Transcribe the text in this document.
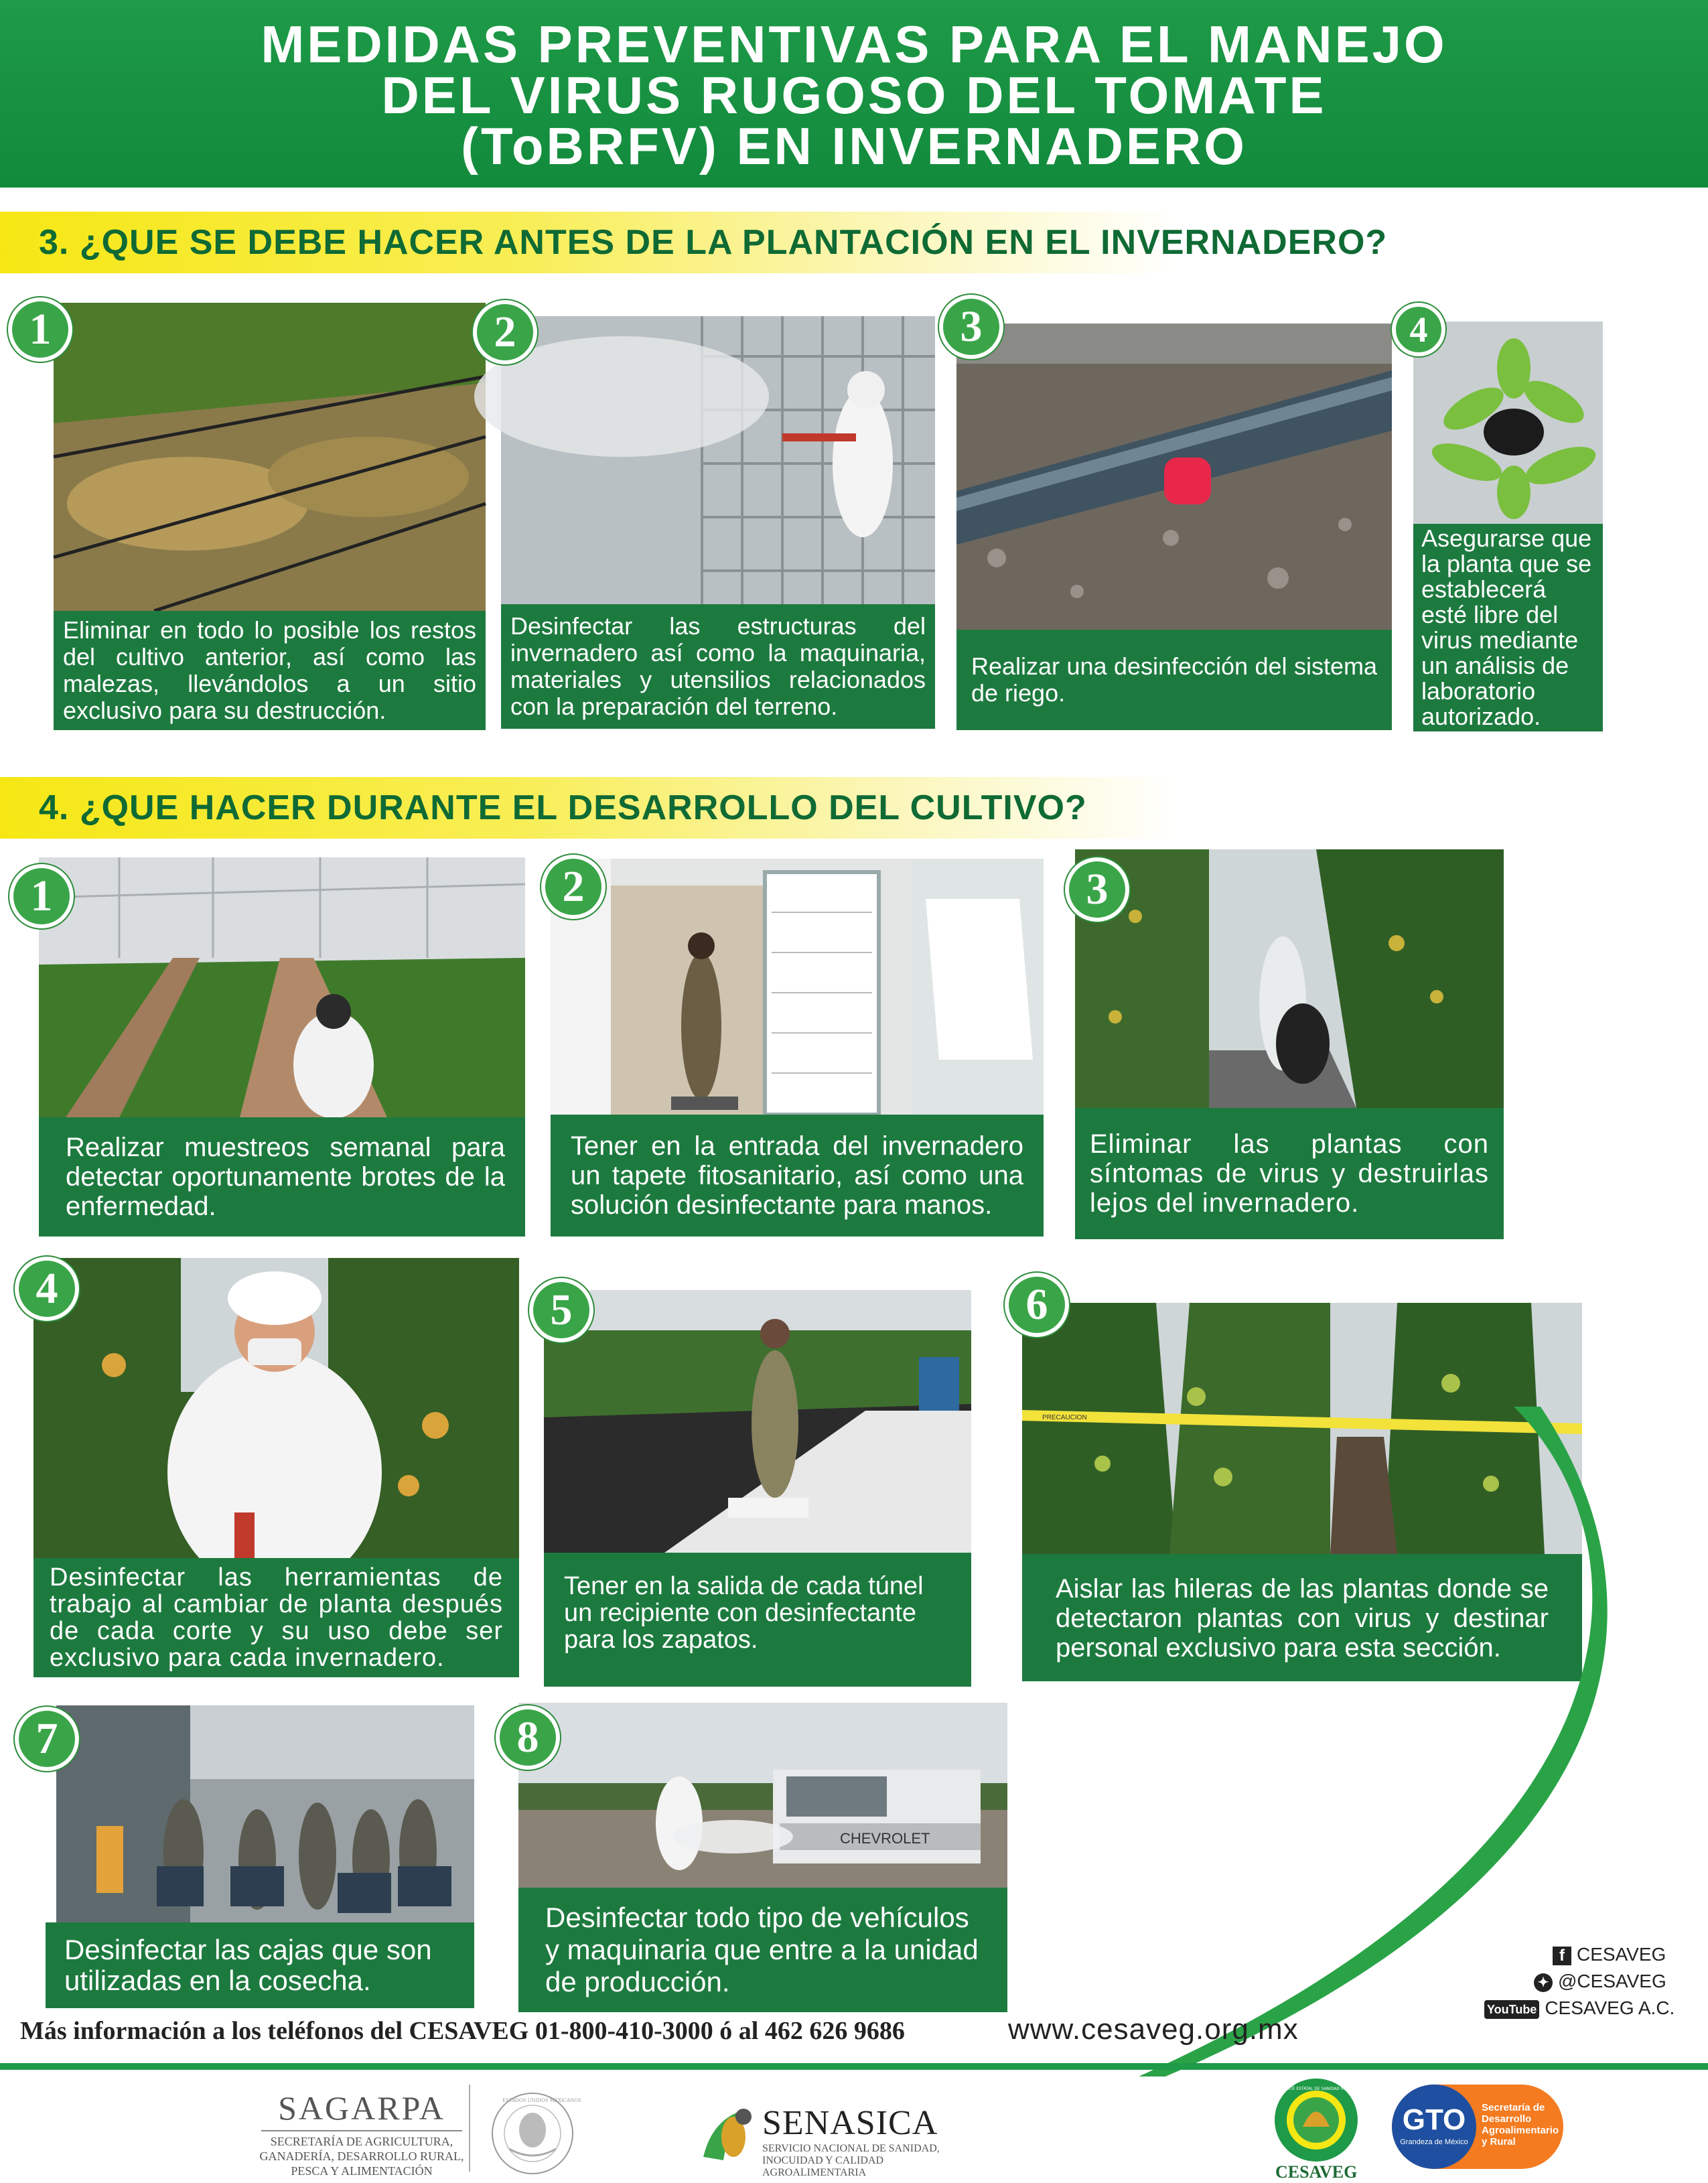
MEDIDAS PREVENTIVAS PARA EL MANEJO
DEL VIRUS RUGOSO DEL TOMATE
(ToBRFV) EN INVERNADERO
3. ¿QUE SE DEBE HACER ANTES DE LA PLANTACIÓN EN EL INVERNADERO?
Eliminar en todo lo posible los restos del cultivo anterior, así como las malezas, llevándolos a un sitio exclusivo para su destrucción.
1
Desinfectar las estructuras del invernadero así como la maquinaria, materiales y utensilios relacionados con la preparación del terreno.
2
Realizar una desinfección del sistema de riego.
3
Asegurarse que la planta que se establecerá esté libre del virus mediante un análisis de laboratorio autorizado.
4
4. ¿QUE HACER DURANTE EL DESARROLLO DEL CULTIVO?
Realizar muestreos semanal para detectar oportunamente brotes de la enfermedad.
1
Tener en la entrada del invernadero un tapete fitosanitario, así como una solución desinfectante para manos.
2
Eliminar las plantas con síntomas de virus y destruirlas lejos del invernadero.
3
Desinfectar las herramientas de trabajo al cambiar de planta después de cada corte y su uso debe ser exclusivo para cada invernadero.
4
Tener en la salida de cada túnel un recipiente con desinfectante para los zapatos.
5
PRECAUCION
Aislar las hileras de las plantas donde se detectaron plantas con virus y destinar personal exclusivo para esta sección.
6
Desinfectar las cajas que son utilizadas en la cosecha.
7
CHEVROLET
Desinfectar todo tipo de vehículos y maquinaria que entre a la unidad de producción.
8
f CESAVEG
✦ @CESAVEG
YouTube CESAVEG A.C.
Más información a los teléfonos del CESAVEG 01-800-410-3000 ó al 462 626 9686	www.cesaveg.org.mx
SAGARPA
SECRETARÍA DE AGRICULTURA,
GANADERÍA, DESARROLLO RURAL,
PESCA Y ALIMENTACIÓN
ESTADOS UNIDOS MEXICANOS
SENASICA
SERVICIO NACIONAL DE SANIDAD,
INOCUIDAD Y CALIDAD
AGROALIMENTARIA
COMITÉ ESTATAL DE SANIDAD VEGETAL GUANAJUATO
CESAVEG
GTO
Grandeza de México
Secretaría de
Desarrollo
Agroalimentario
y Rural
